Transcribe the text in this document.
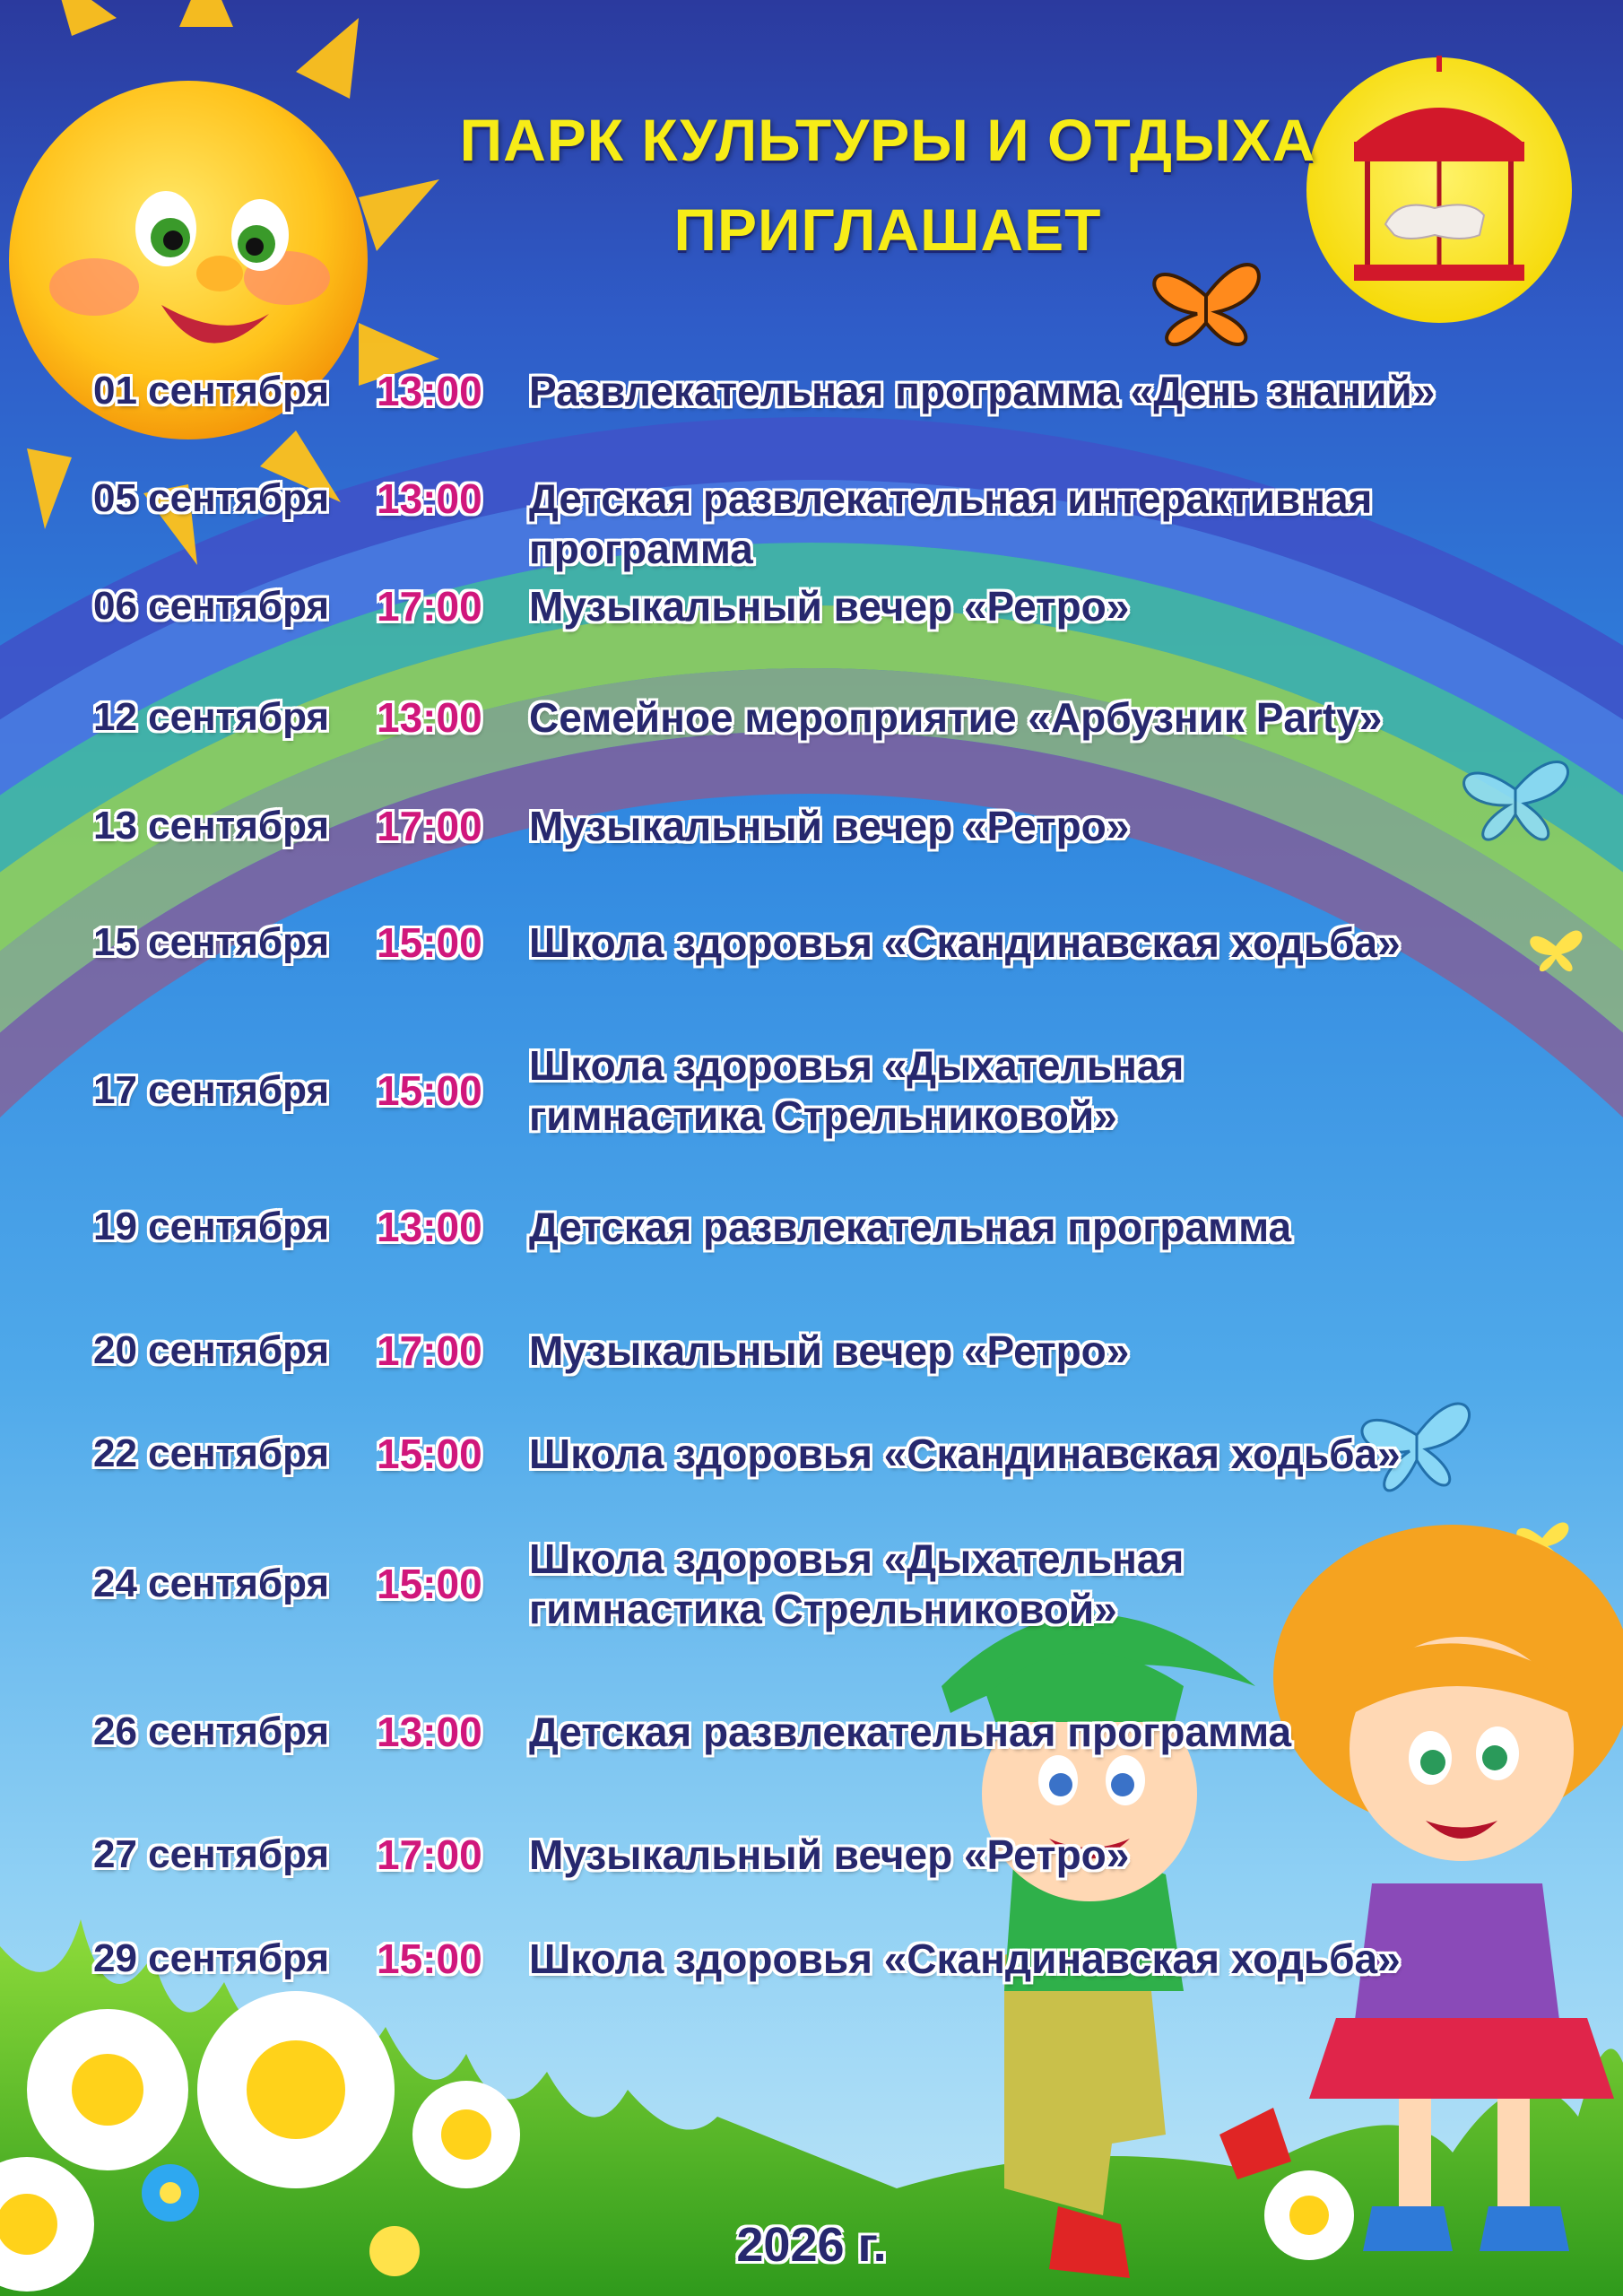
ПАРК КУЛЬТУРЫ И ОТДЫХА
ПРИГЛАШАЕТ
01 сентября 13:00 Развлекательная программа «День знаний»
05 сентября 13:00 Детская развлекательная интерактивная программа
06 сентября 17:00 Музыкальный вечер «Ретро»
12 сентября 13:00 Семейное мероприятие «Арбузник Party»
13 сентября 17:00 Музыкальный вечер «Ретро»
15 сентября 15:00 Школа здоровья «Скандинавская ходьба»
17 сентября 15:00
Школа здоровья «Дыхательная
гимнастика Стрельниковой»
19 сентября 13:00 Детская развлекательная программа
20 сентября 17:00 Музыкальный вечер «Ретро»
22 сентября 15:00 Школа здоровья «Скандинавская ходьба»
24 сентября 15:00
Школа здоровья «Дыхательная
гимнастика Стрельниковой»
26 сентября 13:00 Детская развлекательная программа
27 сентября 17:00 Музыкальный вечер «Ретро»
29 сентября 15:00 Школа здоровья «Скандинавская ходьба»
2026 г.
